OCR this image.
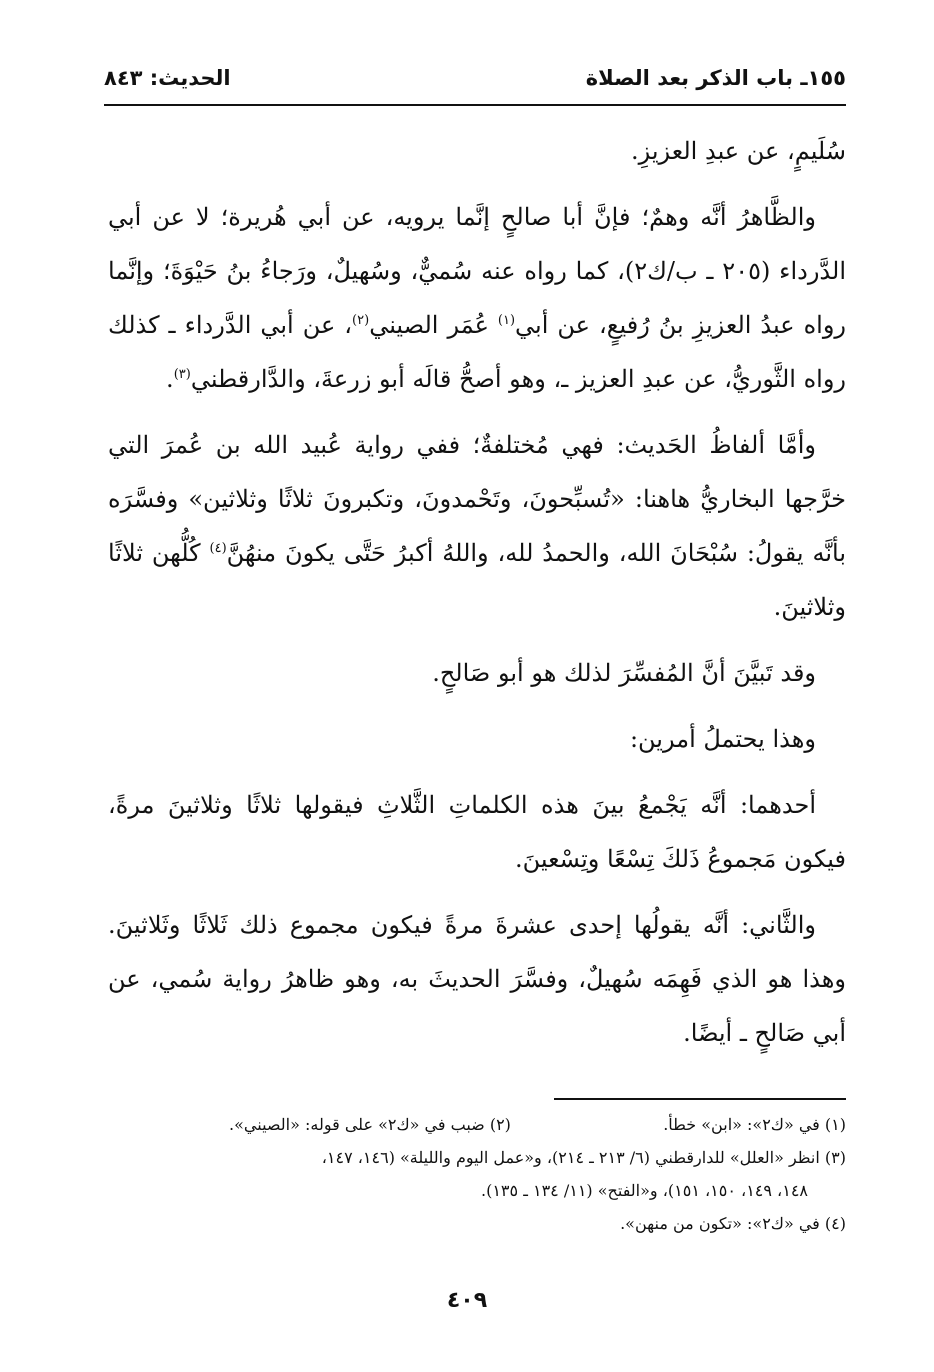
١٥٥ـ باب الذكر بعد الصلاة
الحديث: ٨٤٣

سُلَيمٍ، عن عبدِ العزيزِ.

والظَّاهرُ أنَّه وهمٌ؛ فإنَّ أبا صالحٍ إنَّما يرويه، عن أبي هُريرة؛ لا عن أبي الدَّرداء (٢٠٥ ـ ب/ك٢)، كما رواه عنه سُميٌّ، وسُهيلٌ، ورَجاءُ بنُ حَيْوَةَ؛ وإنَّما رواه عبدُ العزيزِ بنُ رُفيعٍ، عن أبي$^{(١)}$ عُمَر الصيني$^{(٢)}$، عن أبي الدَّرداء ـ كذلك رواه الثَّوريُّ، عن عبدِ العزيز ـ، وهو أصحُّ قالَه أبو زرعةَ، والدَّارقطني$^{(٣)}$.

وأمَّا ألفاظُ الحَديث: فهي مُختلفةٌ؛ ففي رواية عُبيد الله بن عُمرَ التي خرَّجها البخاريُّ هاهنا: «تُسبِّحونَ، وتَحْمدونَ، وتكبرونَ ثلاثًا وثلاثين» وفسَّرَه بأنَّه يقولُ: سُبْحَانَ الله، والحمدُ لله، واللهُ أكبرُ حَتَّى يكونَ منهُنَّ$^{(٤)}$ كُلُّهن ثلاثًا وثلاثينَ.

وقد تَبيَّنَ أنَّ المُفسِّرَ لذلك هو أبو صَالحٍ.

وهذا يحتملُ أمرين:

أحدهما: أنَّه يَجْمعُ بينَ هذه الكلماتِ الثَّلاثِ فيقولها ثلاثًا وثلاثينَ مرةً، فيكون مَجموعُ ذَلكَ تِسْعًا وتِسْعينَ.

والثَّاني: أنَّه يقولُها إحدى عشرةَ مرةً فيكون مجموع ذلك ثَلاثًا وثَلاثينَ. وهذا هو الذي فَهِمَه سُهيلٌ، وفسَّرَ الحديثَ به، وهو ظاهرُ رواية سُمي، عن أبي صَالحٍ ـ أيضًا.

(١) في «ك٢»: «ابن» خطأ. (٢) ضبب في «ك٢» على قوله: «الصيني».
(٣) انظر «العلل» للدارقطني (٦/ ٢١٣ ـ ٢١٤)، و«عمل اليوم والليلة» (١٤٦، ١٤٧،
١٤٨، ١٤٩، ١٥٠، ١٥١)، و«الفتح» (١١/ ١٣٤ ـ ١٣٥).
(٤) في «ك٢»: «تكون من منهن».
٤٠٩
